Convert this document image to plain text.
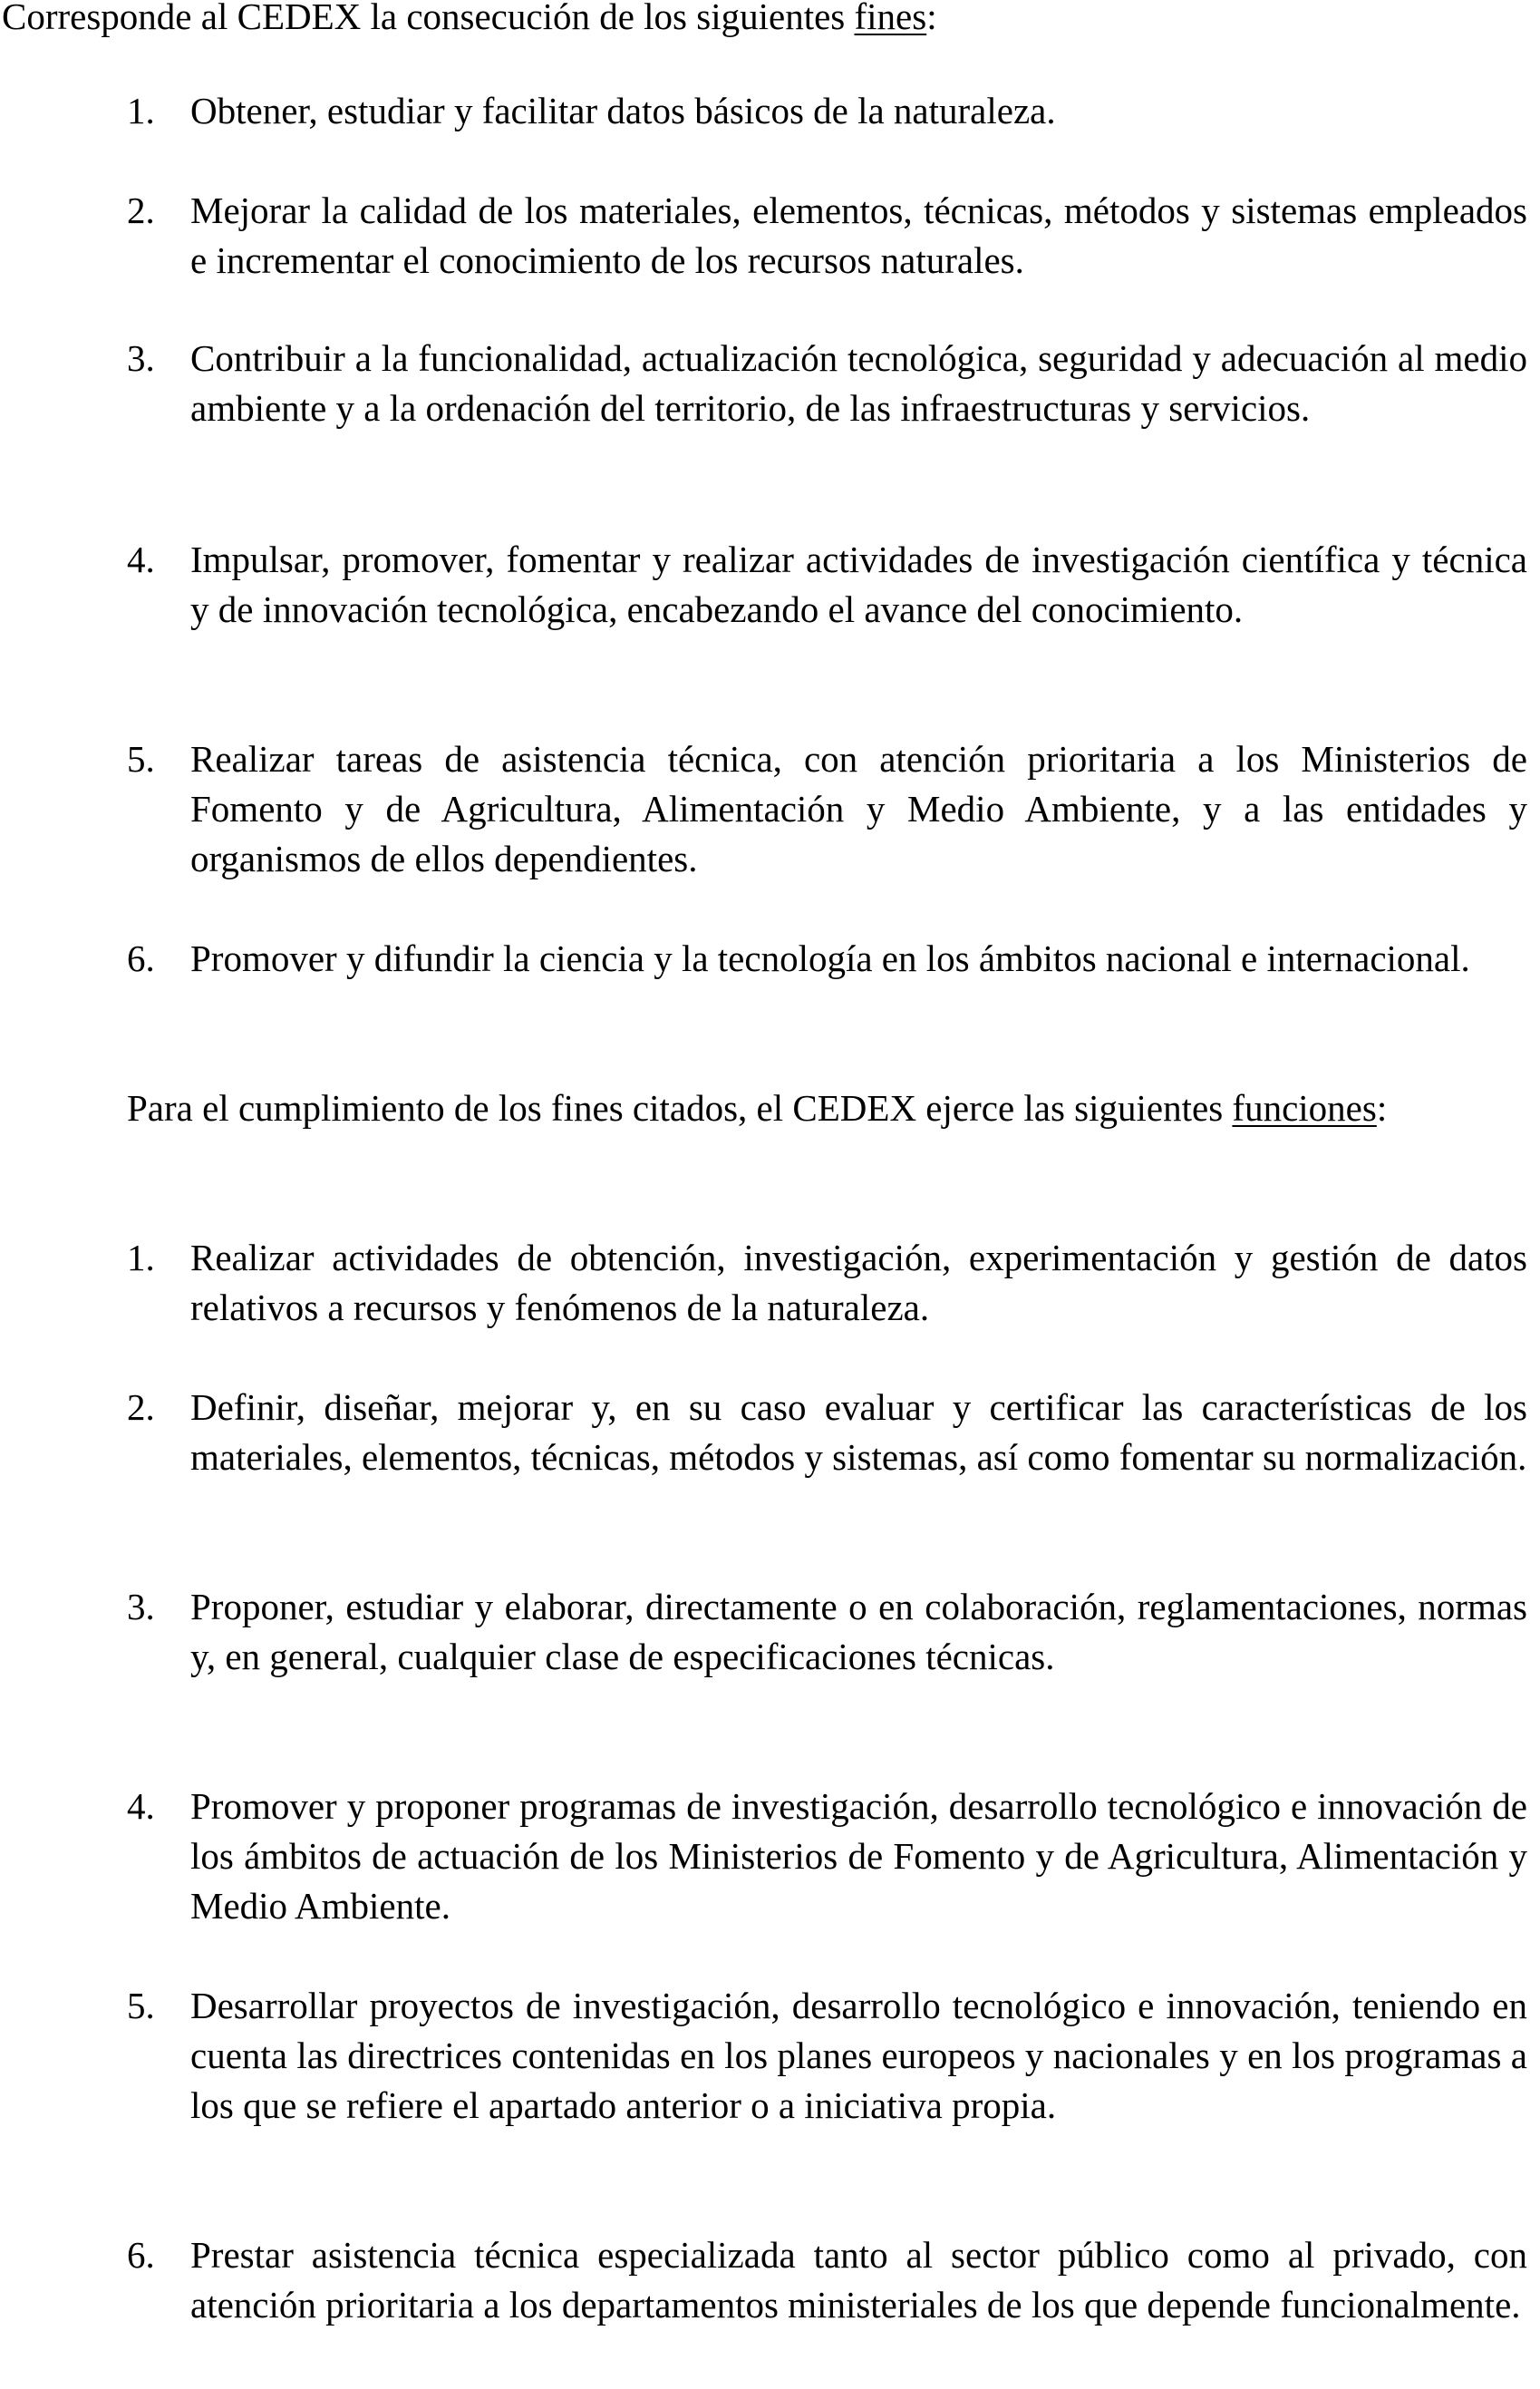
Corresponde al CEDEX la consecución de los siguientes fines:
1. Obtener, estudiar y facilitar datos básicos de la naturaleza.
2. Mejorar la calidad de los materiales, elementos, técnicas, métodos y sistemas empleados e incrementar el conocimiento de los recursos naturales.
3. Contribuir a la funcionalidad, actualización tecnológica, seguridad y adecuación al medio ambiente y a la ordenación del territorio, de las infraestructuras y servicios.
4. Impulsar, promover, fomentar y realizar actividades de investigación científica y técnica y de innovación tecnológica, encabezando el avance del conocimiento.
5. Realizar tareas de asistencia técnica, con atención prioritaria a los Ministerios de Fomento y de Agricultura, Alimentación y Medio Ambiente, y a las entidades y organismos de ellos dependientes.
6. Promover y difundir la ciencia y la tecnología en los ámbitos nacional e internacional.
Para el cumplimiento de los fines citados, el CEDEX ejerce las siguientes funciones:
1. Realizar actividades de obtención, investigación, experimentación y gestión de datos relativos a recursos y fenómenos de la naturaleza.
2. Definir, diseñar, mejorar y, en su caso evaluar y certificar las características de los materiales, elementos, técnicas, métodos y sistemas, así como fomentar su normalización.
3. Proponer, estudiar y elaborar, directamente o en colaboración, reglamentaciones, normas y, en general, cualquier clase de especificaciones técnicas.
4. Promover y proponer programas de investigación, desarrollo tecnológico e innovación de los ámbitos de actuación de los Ministerios de Fomento y de Agricultura, Alimentación y Medio Ambiente.
5. Desarrollar proyectos de investigación, desarrollo tecnológico e innovación, teniendo en cuenta las directrices contenidas en los planes europeos y nacionales y en los programas a los que se refiere el apartado anterior o a iniciativa propia.
6. Prestar asistencia técnica especializada tanto al sector público como al privado, con atención prioritaria a los departamentos ministeriales de los que depende funcionalmente.
